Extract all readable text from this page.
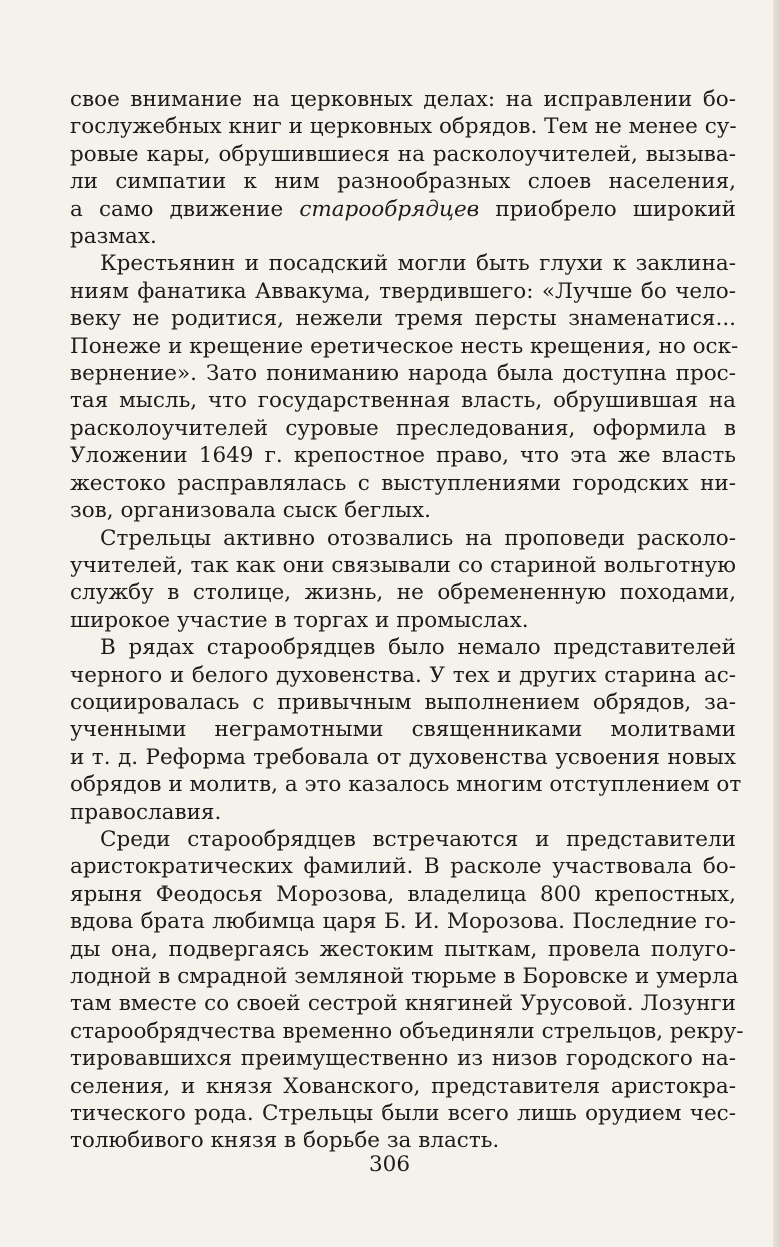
свое внимание на церковных делах: на исправлении бо-
гослужебных книг и церковных обрядов. Тем не менее су-
ровые кары, обрушившиеся на расколоучителей, вызыва-
ли симпатии к ним разнообразных слоев населения,
а само движение старообрядцев приобрело широкий
размах.
Крестьянин и посадский могли быть глухи к заклина-
ниям фанатика Аввакума, твердившего: «Лучше бо чело-
веку не родитися, нежели тремя персты знаменатися...
Понеже и крещение еретическое несть крещения, но оск-
вернение». Зато пониманию народа была доступна прос-
тая мысль, что государственная власть, обрушившая на
расколоучителей суровые преследования, оформила в
Уложении 1649 г. крепостное право, что эта же власть
жестоко расправлялась с выступлениями городских ни-
зов, организовала сыск беглых.
Стрельцы активно отозвались на проповеди расколо-
учителей, так как они связывали со стариной вольготную
службу в столице, жизнь, не обремененную походами,
широкое участие в торгах и промыслах.
В рядах старообрядцев было немало представителей
черного и белого духовенства. У тех и других старина ас-
социировалась с привычным выполнением обрядов, за-
ученными неграмотными священниками молитвами
и т. д. Реформа требовала от духовенства усвоения новых
обрядов и молитв, а это казалось многим отступлением от
православия.
Среди старообрядцев встречаются и представители
аристократических фамилий. В расколе участвовала бо-
ярыня Феодосья Морозова, владелица 800 крепостных,
вдова брата любимца царя Б. И. Морозова. Последние го-
ды она, подвергаясь жестоким пыткам, провела полуго-
лодной в смрадной земляной тюрьме в Боровске и умерла
там вместе со своей сестрой княгиней Урусовой. Лозунги
старообрядчества временно объединяли стрельцов, рекру-
тировавшихся преимущественно из низов городского на-
селения, и князя Хованского, представителя аристокра-
тического рода. Стрельцы были всего лишь орудием чес-
толюбивого князя в борьбе за власть.
306
